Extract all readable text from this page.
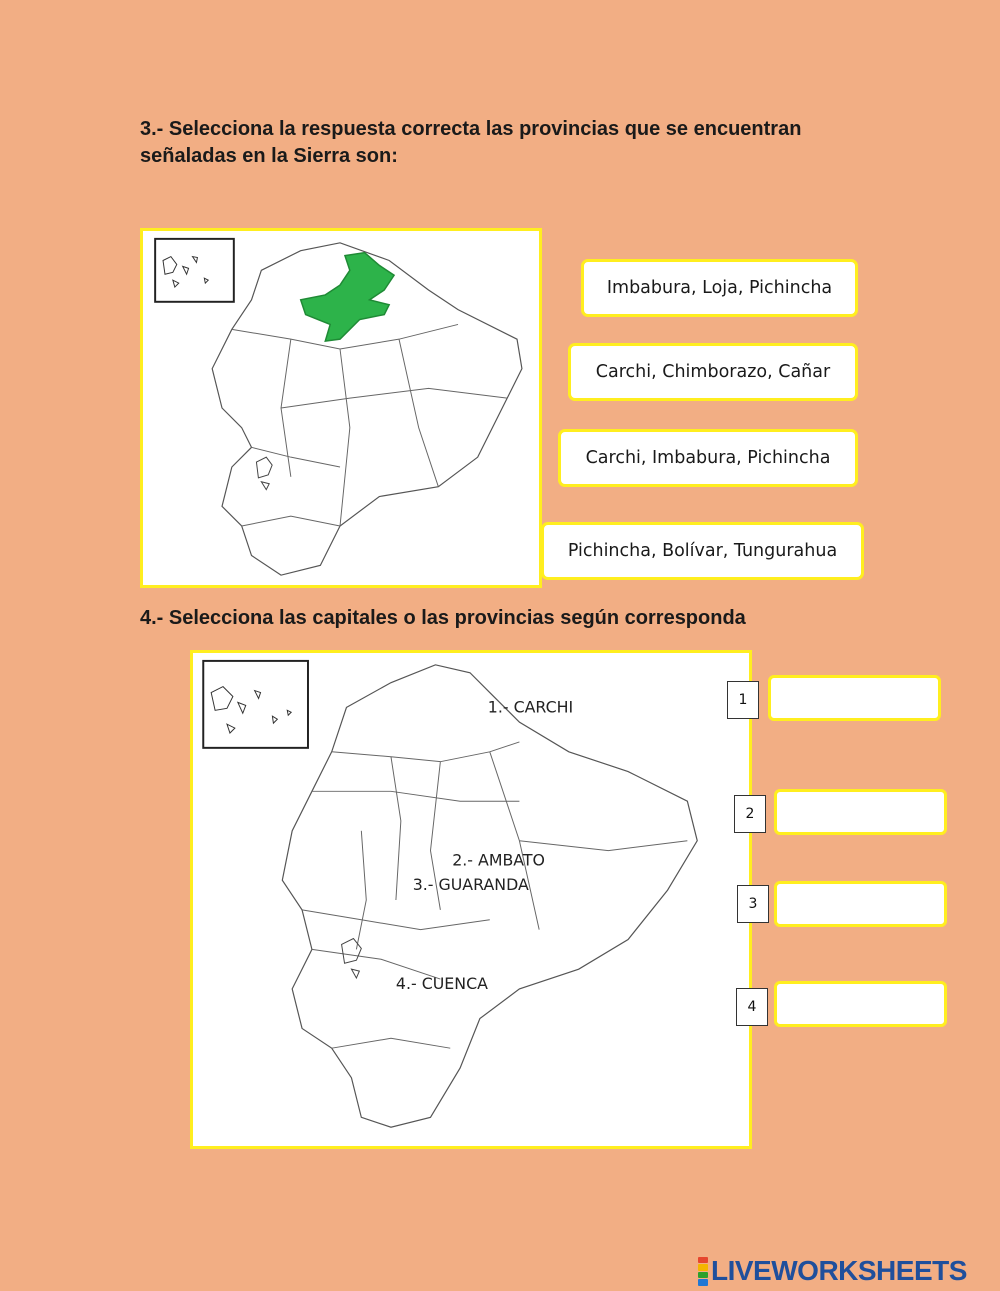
3.- Selecciona la respuesta correcta las provincias que se encuentran señaladas en la Sierra son:
Imbabura, Loja, Pichincha
Carchi, Chimborazo, Cañar
Carchi, Imbabura, Pichincha
Pichincha, Bolívar, Tungurahua
4.- Selecciona las capitales o las provincias según corresponda
1.- CARCHI
2.- AMBATO
3.- GUARANDA
4.- CUENCA
1
2
3
4
LIVEWORKSHEETS
